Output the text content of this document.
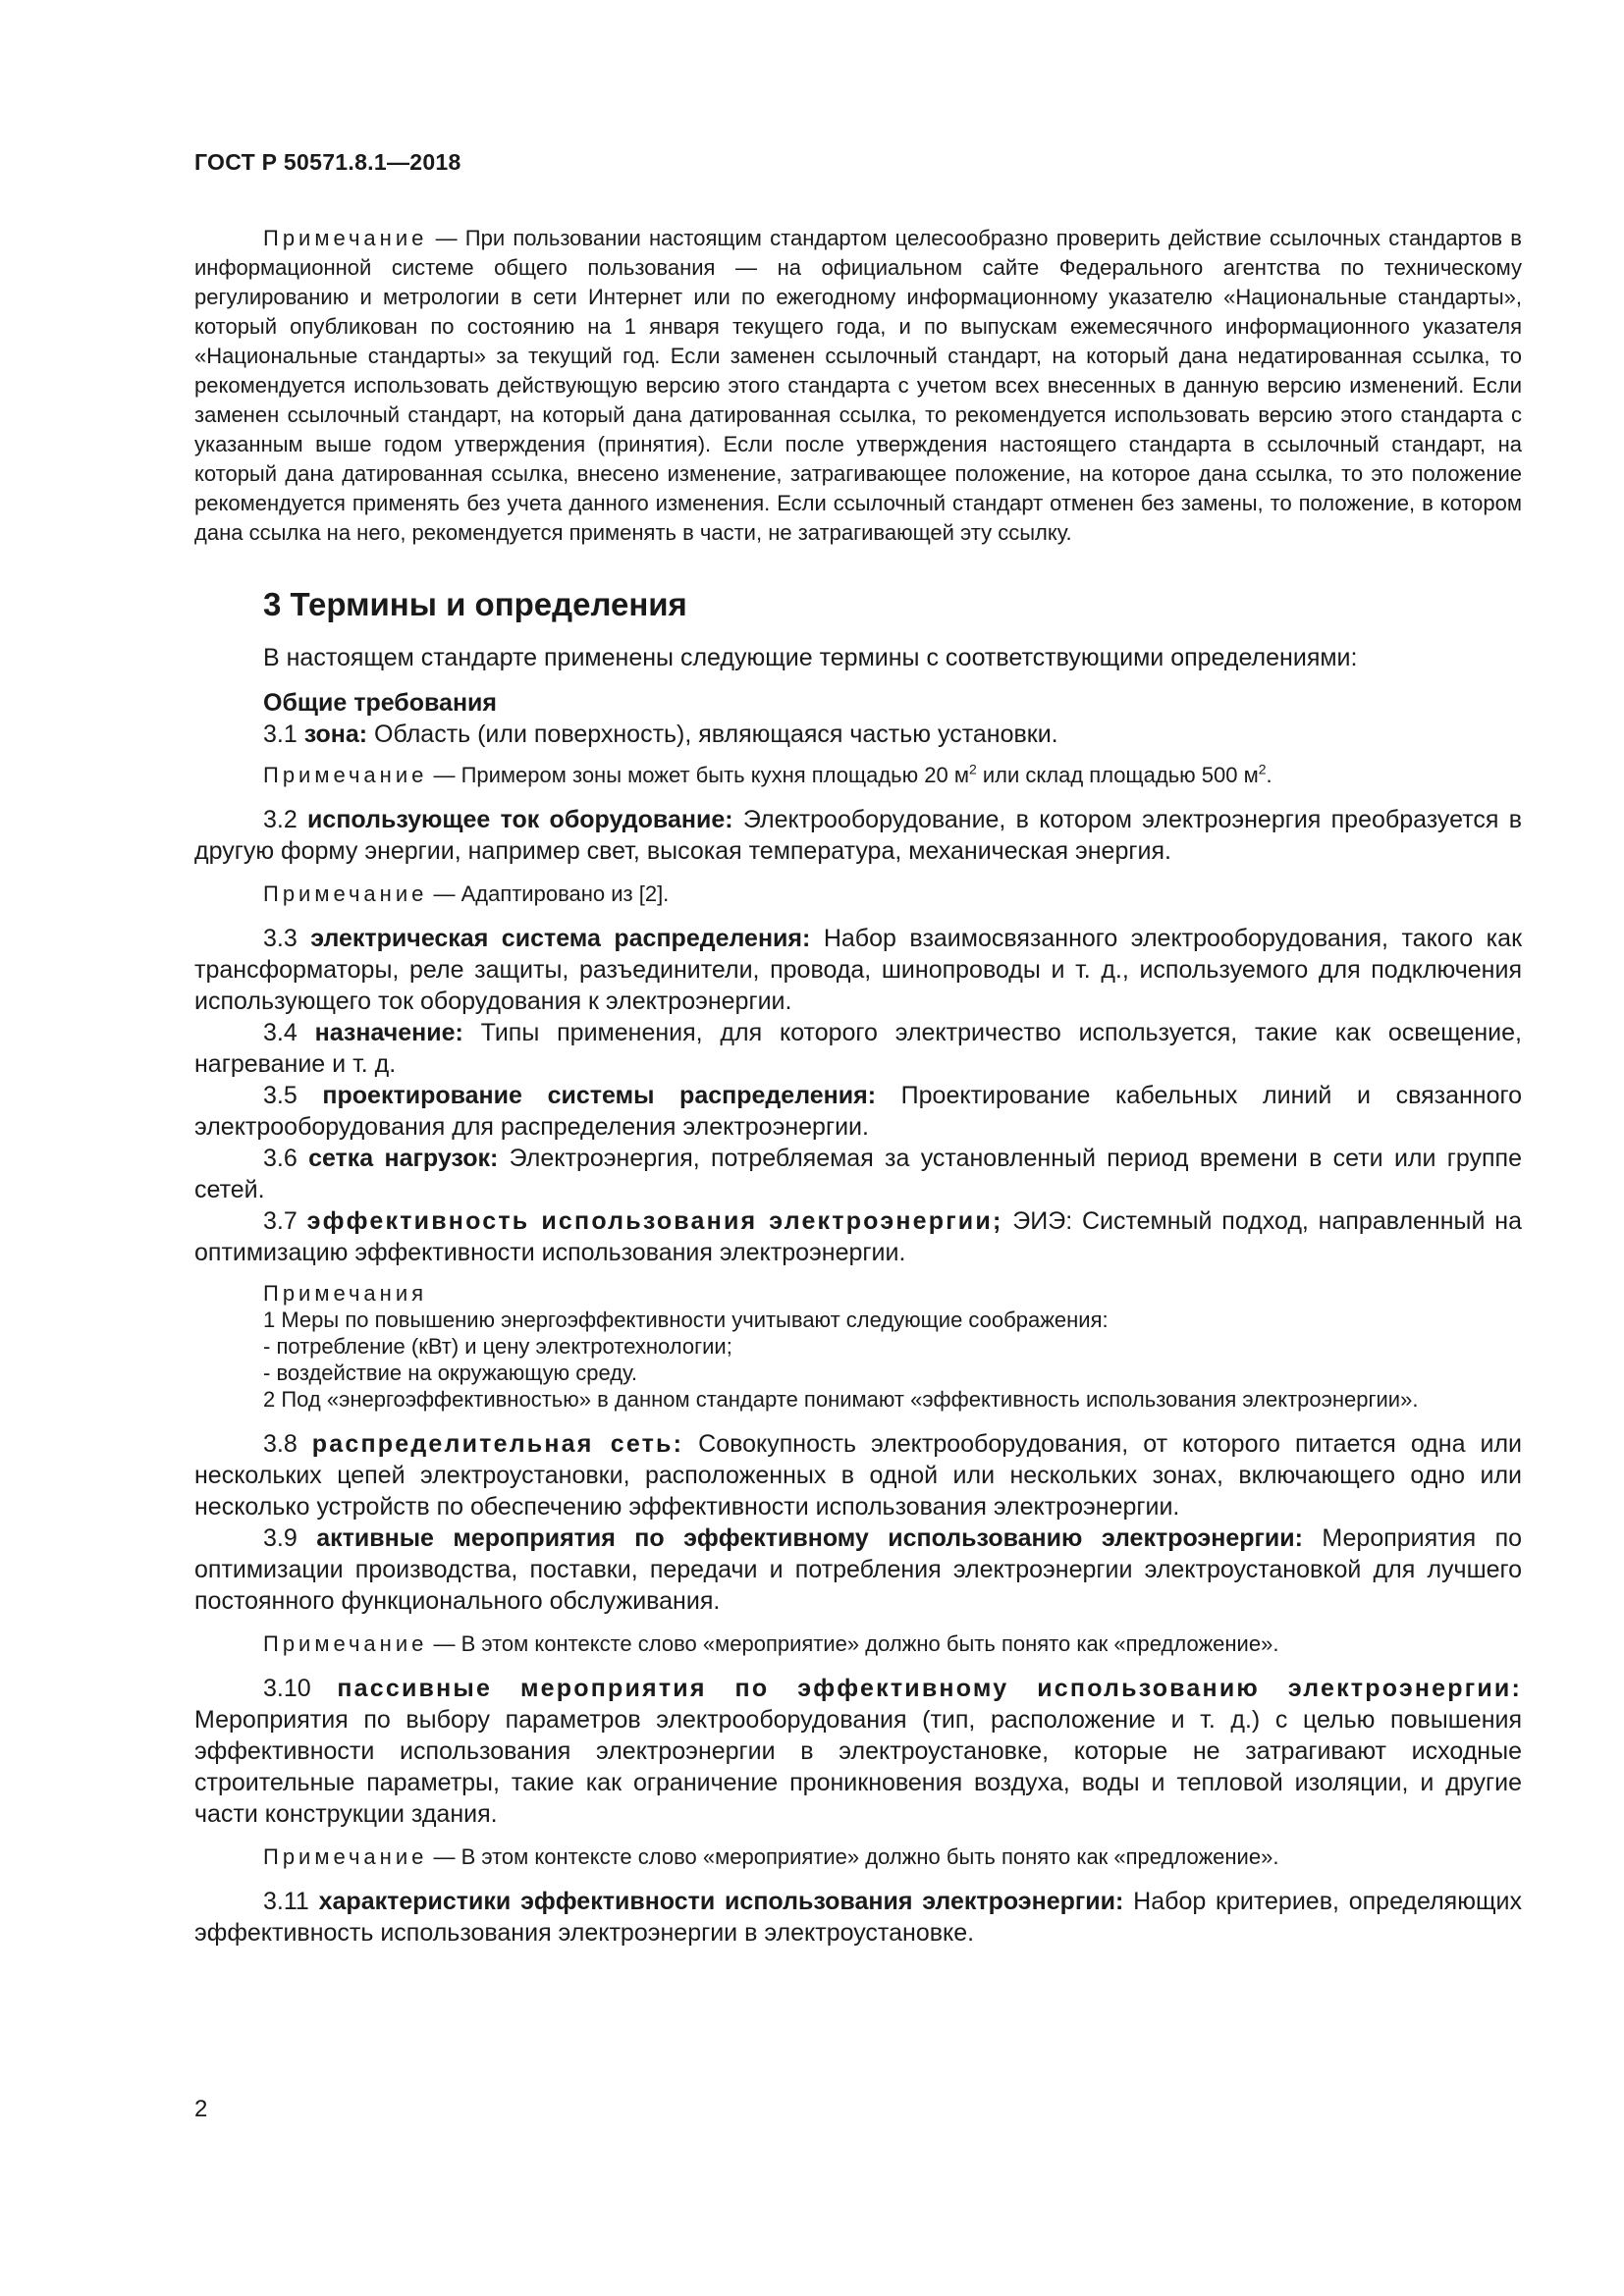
ГОСТ Р 50571.8.1—2018

Примечание — При пользовании настоящим стандартом целесообразно проверить действие ссылочных стандартов в информационной системе общего пользования — на официальном сайте Федерального агентства по техническому регулированию и метрологии в сети Интернет или по ежегодному информационному указателю «Национальные стандарты», который опубликован по состоянию на 1 января текущего года, и по выпускам ежемесячного информационного указателя «Национальные стандарты» за текущий год. Если заменен ссылочный стандарт, на который дана недатированная ссылка, то рекомендуется использовать действующую версию этого стандарта с учетом всех внесенных в данную версию изменений. Если заменен ссылочный стандарт, на который дана датированная ссылка, то рекомендуется использовать версию этого стандарта с указанным выше годом утверждения (принятия). Если после утверждения настоящего стандарта в ссылочный стандарт, на который дана датированная ссылка, внесено изменение, затрагивающее положение, на которое дана ссылка, то это положение рекомендуется применять без учета данного изменения. Если ссылочный стандарт отменен без замены, то положение, в котором дана ссылка на него, рекомендуется применять в части, не затрагивающей эту ссылку.

3 Термины и определения

В настоящем стандарте применены следующие термины с соответствующими определениями:

Общие требования

3.1 зона: Область (или поверхность), являющаяся частью установки.

Примечание — Примером зоны может быть кухня площадью 20 $м^2$ или склад площадью 500 $м^2$.

3.2 использующее ток оборудование: Электрооборудование, в котором электроэнергия преобразуется в другую форму энергии, например свет, высокая температура, механическая энергия.

Примечание — Адаптировано из [2].

3.3 электрическая система распределения: Набор взаимосвязанного электрооборудования, такого как трансформаторы, реле защиты, разъединители, провода, шинопроводы и т. д., используемого для подключения использующего ток оборудования к электроэнергии.

3.4 назначение: Типы применения, для которого электричество используется, такие как освещение, нагревание и т. д.

3.5 проектирование системы распределения: Проектирование кабельных линий и связанного электрооборудования для распределения электроэнергии.

3.6 сетка нагрузок: Электроэнергия, потребляемая за установленный период времени в сети или группе сетей.

3.7 эффективность использования электроэнергии; ЭИЭ: Системный подход, направленный на оптимизацию эффективности использования электроэнергии.

Примечания

1 Меры по повышению энергоэффективности учитывают следующие соображения:

- потребление (кВт) и цену электротехнологии;

- воздействие на окружающую среду.

2 Под «энергоэффективностью» в данном стандарте понимают «эффективность использования электроэнергии».

3.8 распределительная сеть: Совокупность электрооборудования, от которого питается одна или нескольких цепей электроустановки, расположенных в одной или нескольких зонах, включающего одно или несколько устройств по обеспечению эффективности использования электроэнергии.

3.9 активные мероприятия по эффективному использованию электроэнергии: Мероприятия по оптимизации производства, поставки, передачи и потребления электроэнергии электроустановкой для лучшего постоянного функционального обслуживания.

Примечание — В этом контексте слово «мероприятие» должно быть понято как «предложение».

3.10 пассивные мероприятия по эффективному использованию электроэнергии: Мероприятия по выбору параметров электрооборудования (тип, расположение и т. д.) с целью повышения эффективности использования электроэнергии в электроустановке, которые не затрагивают исходные строительные параметры, такие как ограничение проникновения воздуха, воды и тепловой изоляции, и другие части конструкции здания.

Примечание — В этом контексте слово «мероприятие» должно быть понято как «предложение».

3.11 характеристики эффективности использования электроэнергии: Набор критериев, определяющих эффективность использования электроэнергии в электроустановке.

2
